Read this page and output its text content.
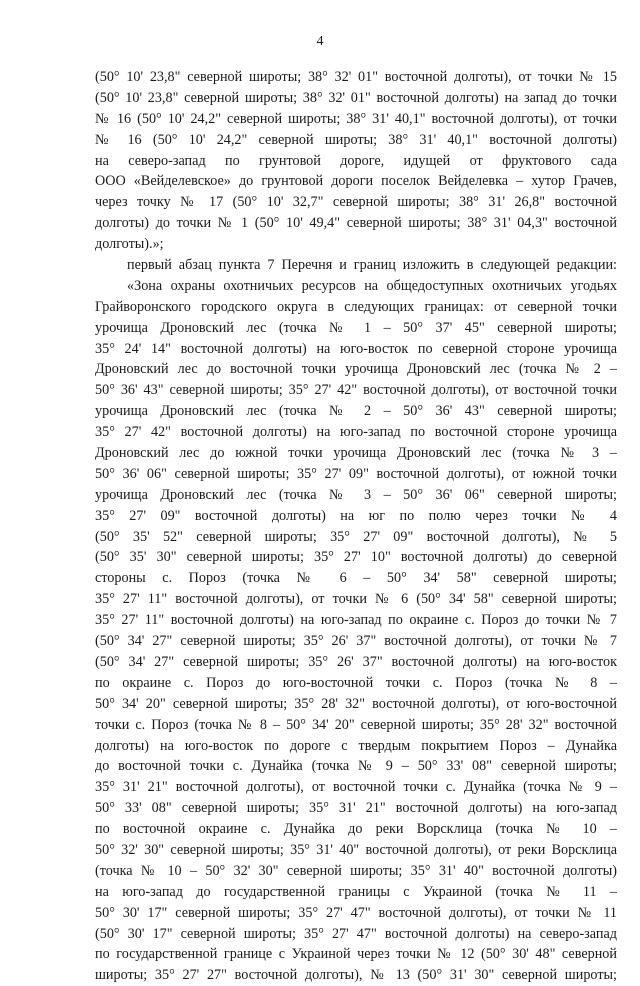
4
(50° 10' 23,8" северной широты; 38° 32' 01" восточной долготы), от точки № 15
(50° 10' 23,8" северной широты; 38° 32' 01" восточной долготы) на запад до точки
№ 16 (50° 10' 24,2" северной широты; 38° 31' 40,1" восточной долготы), от точки
№ 16 (50° 10' 24,2" северной широты; 38° 31' 40,1" восточной долготы)
на северо-запад по грунтовой дороге, идущей от фруктового сада
ООО «Вейделевское» до грунтовой дороги поселок Вейделевка – хутор Грачев,
через точку № 17 (50° 10' 32,7" северной широты; 38° 31' 26,8" восточной
долготы) до точки № 1 (50° 10' 49,4" северной широты; 38° 31' 04,3" восточной
долготы).»;
первый абзац пункта 7 Перечня и границ изложить в следующей редакции:
«Зона охраны охотничьих ресурсов на общедоступных охотничьих угодьях
Грайворонского городского округа в следующих границах: от северной точки
урочища Дроновский лес (точка № 1 – 50° 37' 45" северной широты;
35° 24' 14" восточной долготы) на юго-восток по северной стороне урочища
Дроновский лес до восточной точки урочища Дроновский лес (точка № 2 –
50° 36' 43" северной широты; 35° 27' 42" восточной долготы), от восточной точки
урочища Дроновский лес (точка № 2 – 50° 36' 43" северной широты;
35° 27' 42" восточной долготы) на юго-запад по восточной стороне урочища
Дроновский лес до южной точки урочища Дроновский лес (точка № 3 –
50° 36' 06" северной широты; 35° 27' 09" восточной долготы), от южной точки
урочища Дроновский лес (точка № 3 – 50° 36' 06" северной широты;
35° 27' 09" восточной долготы) на юг по полю через точки № 4
(50° 35' 52" северной широты; 35° 27' 09" восточной долготы), № 5
(50° 35' 30" северной широты; 35° 27' 10" восточной долготы) до северной
стороны с. Пороз (точка № 6 – 50° 34' 58" северной широты;
35° 27' 11" восточной долготы), от точки № 6 (50° 34' 58" северной широты;
35° 27' 11" восточной долготы) на юго-запад по окраине с. Пороз до точки № 7
(50° 34' 27" северной широты; 35° 26' 37" восточной долготы), от точки № 7
(50° 34' 27" северной широты; 35° 26' 37" восточной долготы) на юго-восток
по окраине с. Пороз до юго-восточной точки с. Пороз (точка № 8 –
50° 34' 20" северной широты; 35° 28' 32" восточной долготы), от юго-восточной
точки с. Пороз (точка № 8 – 50° 34' 20" северной широты; 35° 28' 32" восточной
долготы) на юго-восток по дороге с твердым покрытием Пороз – Дунайка
до восточной точки с. Дунайка (точка № 9 – 50° 33' 08" северной широты;
35° 31' 21" восточной долготы), от восточной точки с. Дунайка (точка № 9 –
50° 33' 08" северной широты; 35° 31' 21" восточной долготы) на юго-запад
по восточной окраине с. Дунайка до реки Ворсклица (точка № 10 –
50° 32' 30" северной широты; 35° 31' 40" восточной долготы), от реки Ворсклица
(точка № 10 – 50° 32' 30" северной широты; 35° 31' 40" восточной долготы)
на юго-запад до государственной границы с Украиной (точка № 11 –
50° 30' 17" северной широты; 35° 27' 47" восточной долготы), от точки № 11
(50° 30' 17" северной широты; 35° 27' 47" восточной долготы) на северо-запад
по государственной границе с Украиной через точки № 12 (50° 30' 48" северной
широты; 35° 27' 27" восточной долготы), № 13 (50° 31' 30" северной широты;
